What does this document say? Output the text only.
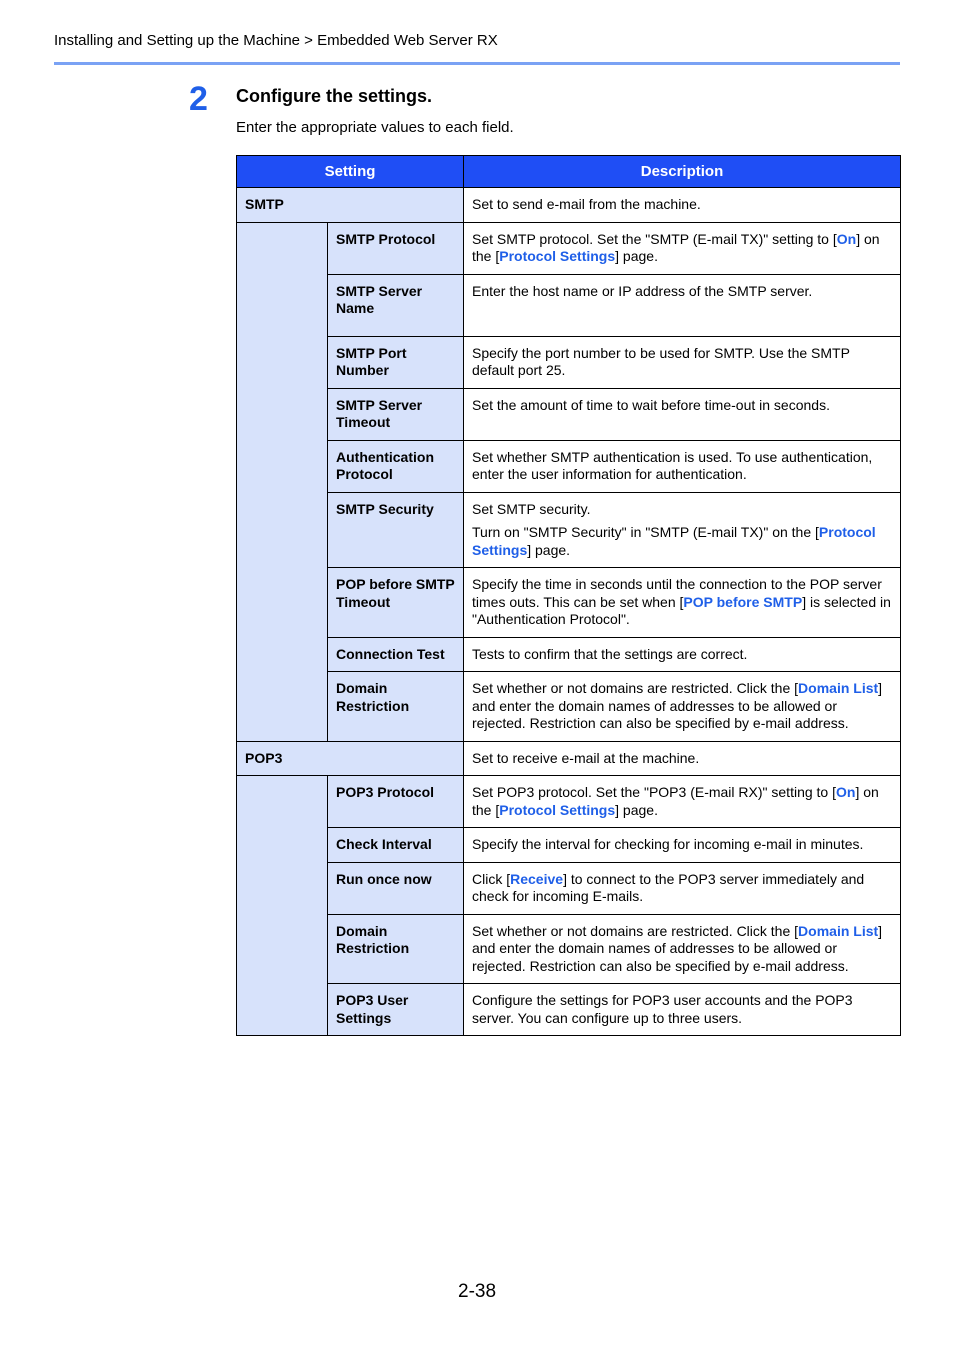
Installing and Setting up the Machine > Embedded Web Server RX
2 Configure the settings.
Enter the appropriate values to each field.
Setting		Description
SMTP		Set to send e-mail from the machine.
	SMTP Protocol	Set SMTP protocol. Set the "SMTP (E-mail TX)" setting to [On] on the [Protocol Settings] page.
	SMTP Server Name	Enter the host name or IP address of the SMTP server.
	SMTP Port Number	Specify the port number to be used for SMTP. Use the SMTP default port 25.
	SMTP Server Timeout	Set the amount of time to wait before time-out in seconds.
	Authentication Protocol	Set whether SMTP authentication is used. To use authentication, enter the user information for authentication.
	SMTP Security	Set SMTP security.
Turn on "SMTP Security" in "SMTP (E-mail TX)" on the [Protocol Settings] page.

	POP before SMTP Timeout	Specify the time in seconds until the connection to the POP server times outs. This can be set when [POP before SMTP] is selected in "Authentication Protocol".
	Connection Test	Tests to confirm that the settings are correct.
	Domain Restriction	Set whether or not domains are restricted. Click the [Domain List] and enter the domain names of addresses to be allowed or rejected. Restriction can also be specified by e-mail address.
POP3		Set to receive e-mail at the machine.
	POP3 Protocol	Set POP3 protocol. Set the "POP3 (E-mail RX)" setting to [On] on the [Protocol Settings] page.
	Check Interval	Specify the interval for checking for incoming e-mail in minutes.
	Run once now	Click [Receive] to connect to the POP3 server immediately and check for incoming E-mails.
	Domain Restriction	Set whether or not domains are restricted. Click the [Domain List] and enter the domain names of addresses to be allowed or rejected. Restriction can also be specified by e-mail address.
	POP3 User Settings	Configure the settings for POP3 user accounts and the POP3 server. You can configure up to three users.
2-38
